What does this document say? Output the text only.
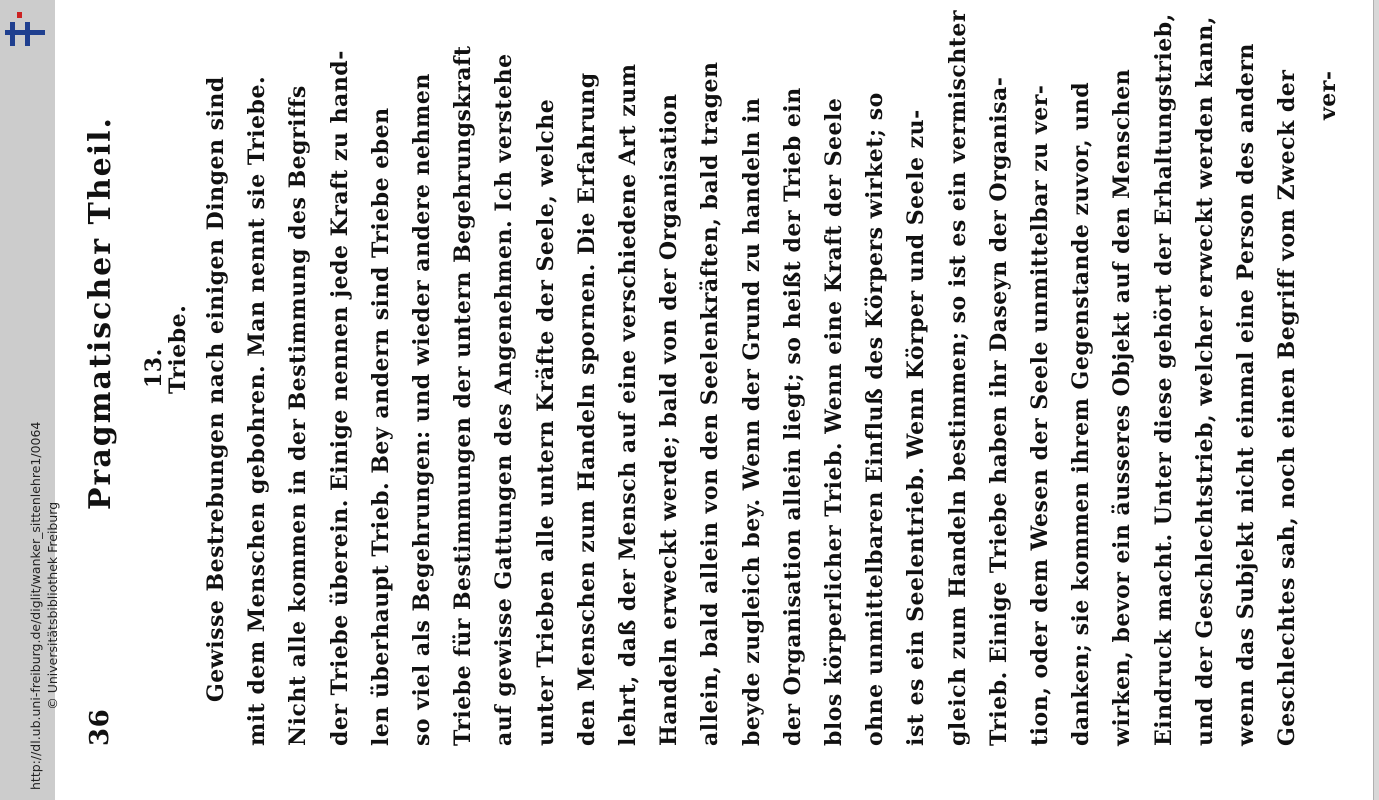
http://dl.ub.uni-freiburg.de/diglit/wanker_sittenlehre1/0064 © Universitätsbibliothek Freiburg
36
Pragmatischer Theil. 13.
Triebe. Gewisse Bestrebungen nach einigen Dingen sind mit dem Menschen gebohren. Man nennt sie Triebe. Nicht alle kommen in der Bestimmung des Begriffs der Triebe überein. Einige nennen jede Kraft zu hand- len überhaupt Trieb. Bey andern sind Triebe eben so viel als Begehrungen: und wieder andere nehmen Triebe für Bestimmungen der untern Begehrungskraft auf gewisse Gattungen des Angenehmen. Ich verstehe unter Trieben alle untern Kräfte der Seele, welche den Menschen zum Handeln spornen. Die Erfahrung lehrt, daß der Mensch auf eine verschiedene Art zum Handeln erweckt werde; bald von der Organisation allein, bald allein von den Seelenkräften, bald tragen beyde zugleich bey. Wenn der Grund zu handeln in der Organisation allein liegt; so heißt der Trieb ein blos körperlicher Trieb. Wenn eine Kraft der Seele ohne unmittelbaren Einfluß des Körpers wirket; so ist es ein Seelentrieb. Wenn Körper und Seele zu- gleich zum Handeln bestimmen; so ist es ein vermischter Trieb. Einige Triebe haben ihr Daseyn der Organisa- tion, oder dem Wesen der Seele unmittelbar zu ver- danken; sie kommen ihrem Gegenstande zuvor, und wirken, bevor ein äusseres Objekt auf den Menschen Eindruck macht. Unter diese gehört der Erhaltungstrieb, und der Geschlechtstrieb, welcher erweckt werden kann, wenn das Subjekt nicht einmal eine Person des andern Geschlechtes sah, noch einen Begriff vom Zweck der ver-
